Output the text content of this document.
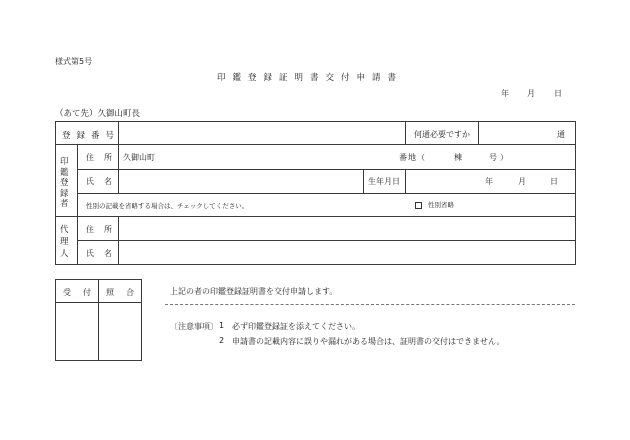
様式第5号
印鑑登録証明書交付申請書
年 月 日
（あて先）久御山町長
登録番号	何通必要ですか	通
印
鑑
登
録
者
住所 久御山町	番地（	棟	号）
氏名	生年月日	年	月	日
性別の記載を省略する場合は、チェックしてください。	性別省略
代
理
人
住所
氏名
受付 照合	上記の者の印鑑登録証明書を交付申請します。
〔注意事項〕 1 必ず印鑑登録証を添えてください。
2 申請書の記載内容に誤りや漏れがある場合は、証明書の交付はできません。
